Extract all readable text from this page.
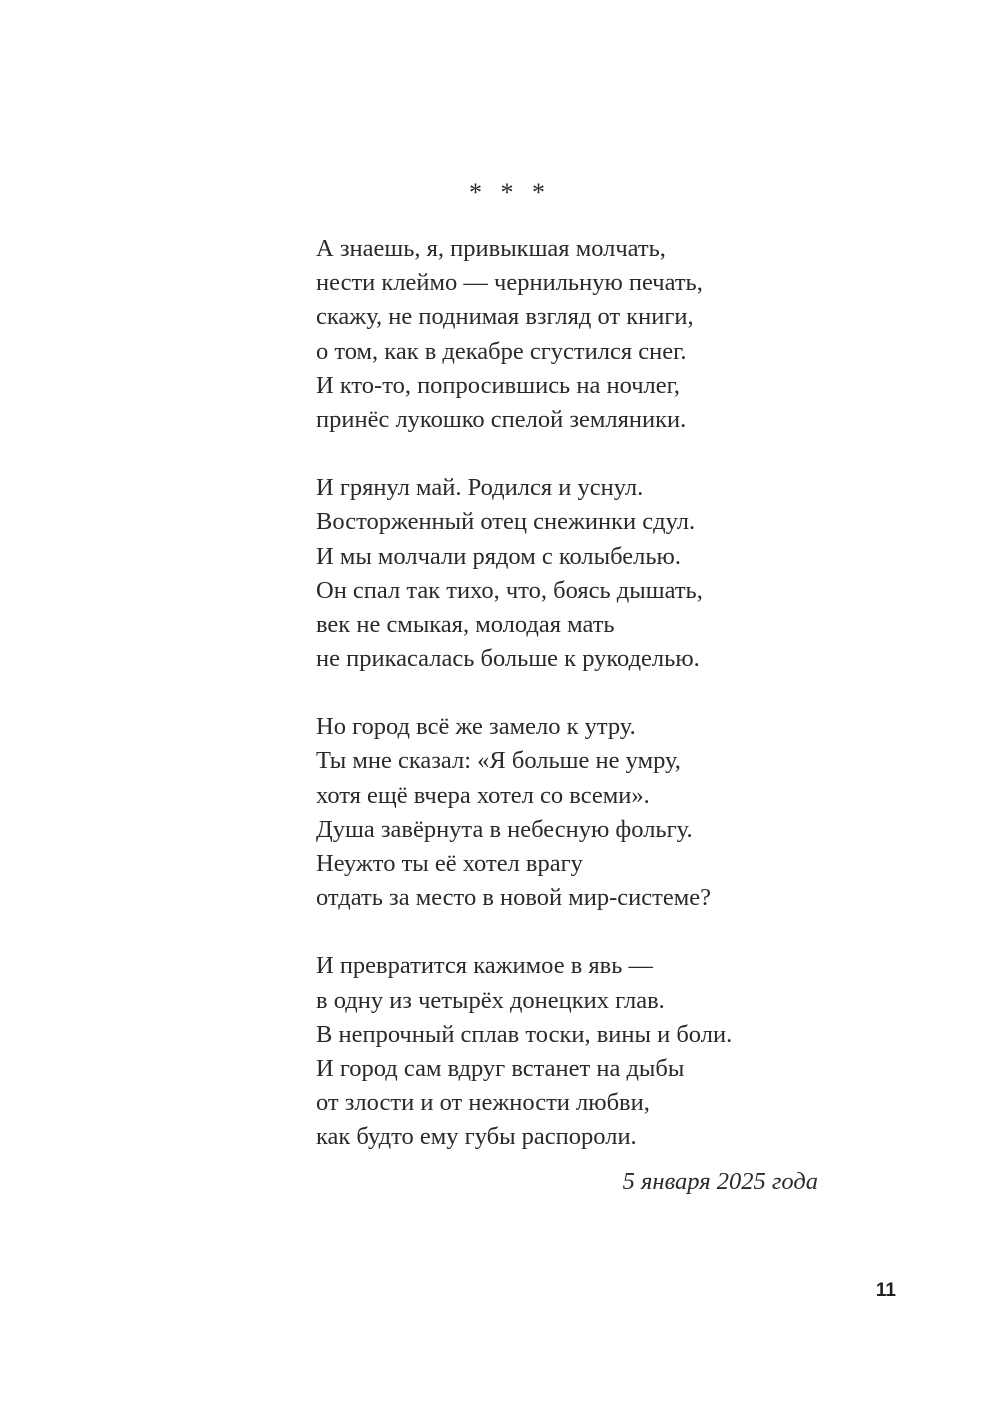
* * *
А знаешь, я, привыкшая молчать,
нести клеймо — чернильную печать,
скажу, не поднимая взгляд от книги,
о том, как в декабре сгустился снег.
И кто-то, попросившись на ночлег,
принёс лукошко спелой земляники.
И грянул май. Родился и уснул.
Восторженный отец снежинки сдул.
И мы молчали рядом с колыбелью.
Он спал так тихо, что, боясь дышать,
век не смыкая, молодая мать
не прикасалась больше к рукоделью.
Но город всё же замело к утру.
Ты мне сказал: «Я больше не умру,
хотя ещё вчера хотел со всеми».
Душа завёрнута в небесную фольгу.
Неужто ты её хотел врагу
отдать за место в новой мир-системе?
И превратится кажимое в явь —
в одну из четырёх донецких глав.
В непрочный сплав тоски, вины и боли.
И город сам вдруг встанет на дыбы
от злости и от нежности любви,
как будто ему губы распороли.
5 января 2025 года
11
